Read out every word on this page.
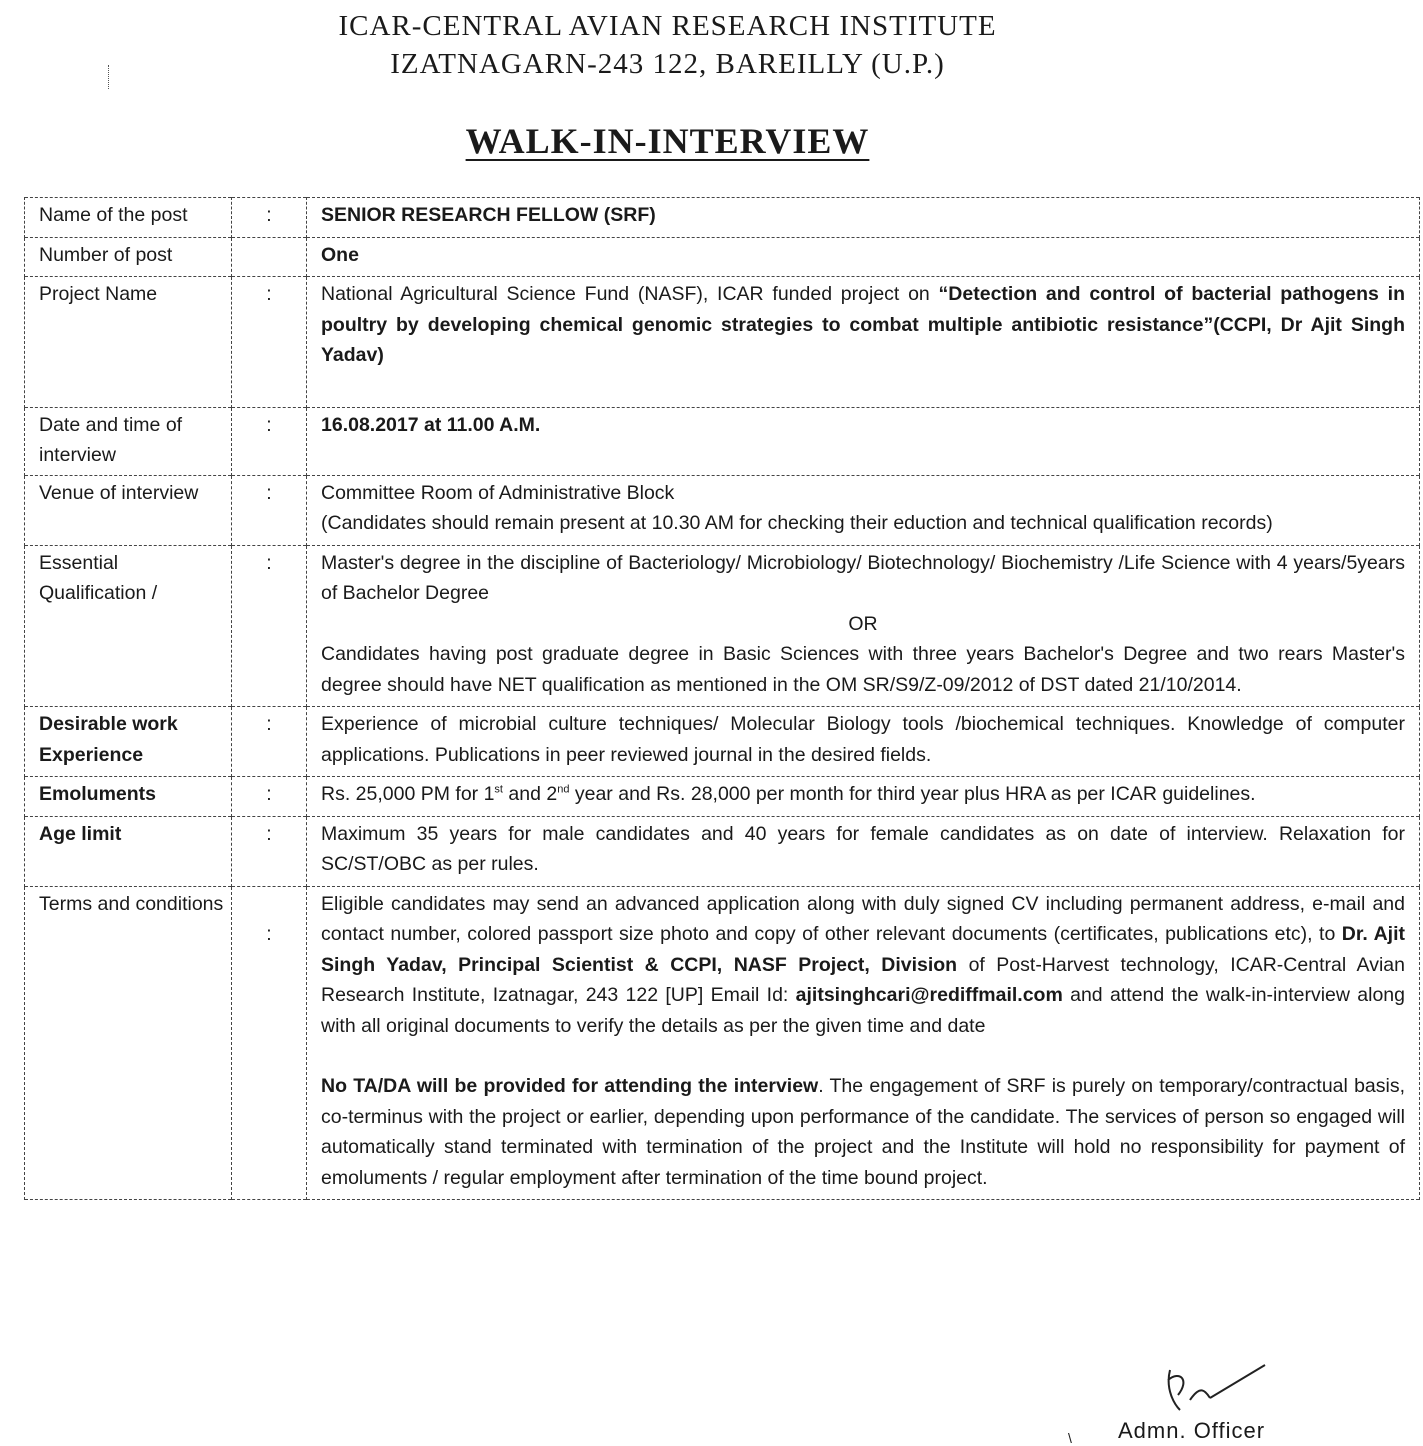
ICAR-CENTRAL AVIAN RESEARCH INSTITUTE
IZATNAGARN-243 122, BAREILLY (U.P.)
WALK-IN-INTERVIEW
Name of the post	:	SENIOR RESEARCH FELLOW (SRF)
Number of post		One
Project Name	:	National Agricultural Science Fund (NASF), ICAR funded project on “Detection and control of bacterial pathogens in poultry by developing chemical genomic strategies to combat multiple antibiotic resistance”(CCPI, Dr Ajit Singh Yadav)
Date and time of interview	:	16.08.2017 at 11.00 A.M.
Venue of interview	:	Committee Room of Administrative Block
(Candidates should remain present at 10.30 AM for checking their eduction and technical qualification records)

Essential Qualification /	:	Master's degree in the discipline of Bacteriology/ Microbiology/ Biotechnology/ Biochemistry /Life Science with 4 years/5years of Bachelor Degree
OR
Candidates having post graduate degree in Basic Sciences with three years Bachelor's Degree and two rears Master's degree should have NET qualification as mentioned in the OM SR/S9/Z-09/2012 of DST dated 21/10/2014.

Desirable work Experience	:	Experience of microbial culture techniques/ Molecular Biology tools /biochemical techniques. Knowledge of computer applications. Publications in peer reviewed journal in the desired fields.
Emoluments	:	Rs. 25,000 PM for 1st and 2nd year and Rs. 28,000 per month for third year plus HRA as per ICAR guidelines.
Age limit	:	Maximum 35 years for male candidates and 40 years for female candidates as on date of interview. Relaxation for SC/ST/OBC as per rules.
Terms and conditions	:	Eligible candidates may send an advanced application along with duly signed CV including permanent address, e-mail and contact number, colored passport size photo and copy of other relevant documents (certificates, publications etc), to Dr. Ajit Singh Yadav, Principal Scientist & CCPI, NASF Project, Division of Post-Harvest technology, ICAR-Central Avian Research Institute, Izatnagar, 243 122 [UP] Email Id: ajitsinghcari@rediffmail.com and attend the walk-in-interview along with all original documents to verify the details as per the given time and date
No TA/DA will be provided for attending the interview. The engagement of SRF is purely on temporary/contractual basis, co-terminus with the project or earlier, depending upon performance of the candidate. The services of person so engaged will automatically stand terminated with termination of the project and the Institute will hold no responsibility for payment of emoluments / regular employment after termination of the time bound project.
\ Admn. Officer
